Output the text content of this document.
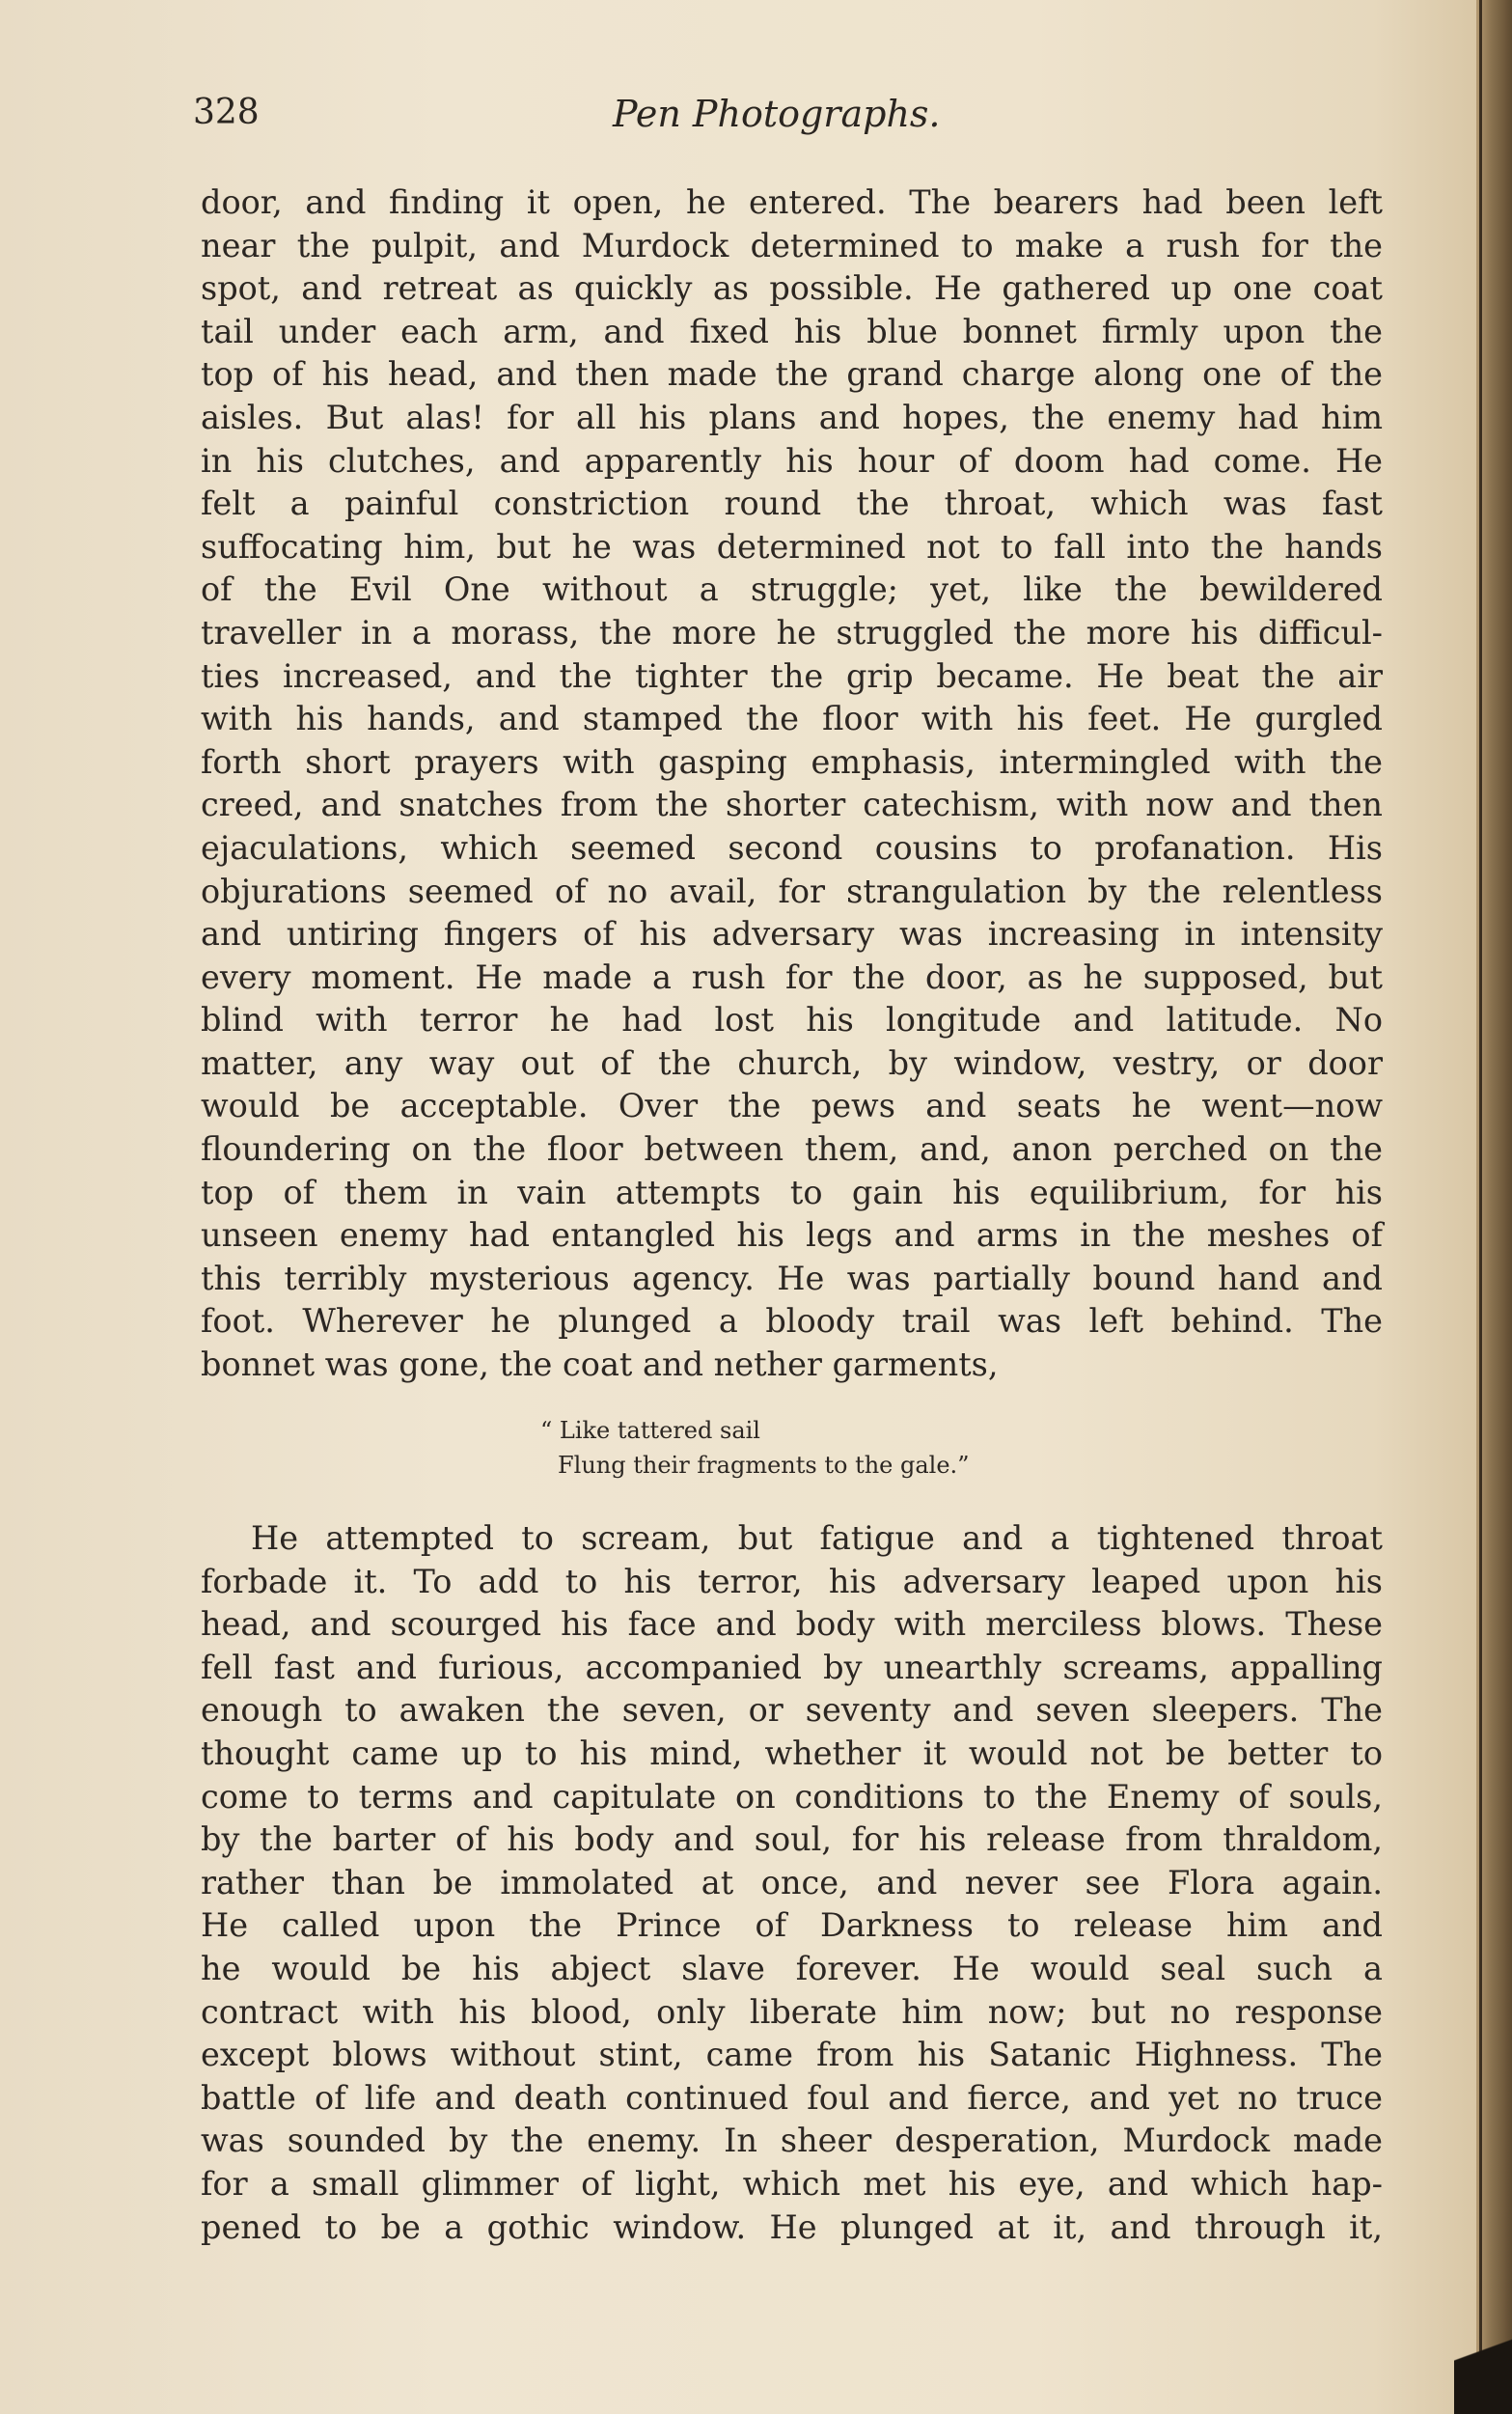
328	Pen Photographs.
door, and finding it open, he entered. The bearers had been left
near the pulpit, and Murdock determined to make a rush for the
spot, and retreat as quickly as possible. He gathered up one coat
tail under each arm, and fixed his blue bonnet firmly upon the
top of his head, and then made the grand charge along one of the
aisles. But alas! for all his plans and hopes, the enemy had him
in his clutches, and apparently his hour of doom had come. He
felt a painful constriction round the throat, which was fast
suffocating him, but he was determined not to fall into the hands
of the Evil One without a struggle; yet, like the bewildered
traveller in a morass, the more he struggled the more his difficul-
ties increased, and the tighter the grip became. He beat the air
with his hands, and stamped the floor with his feet. He gurgled
forth short prayers with gasping emphasis, intermingled with the
creed, and snatches from the shorter catechism, with now and then
ejaculations, which seemed second cousins to profanation. His
objurations seemed of no avail, for strangulation by the relentless
and untiring fingers of his adversary was increasing in intensity
every moment. He made a rush for the door, as he supposed, but
blind with terror he had lost his longitude and latitude. No
matter, any way out of the church, by window, vestry, or door
would be acceptable. Over the pews and seats he went—now
floundering on the floor between them, and, anon perched on the
top of them in vain attempts to gain his equilibrium, for his
unseen enemy had entangled his legs and arms in the meshes of
this terribly mysterious agency. He was partially bound hand and
foot. Wherever he plunged a bloody trail was left behind. The
bonnet was gone, the coat and nether garments,
“ Like tattered sail
Flung their fragments to the gale.”
He attempted to scream, but fatigue and a tightened throat
forbade it. To add to his terror, his adversary leaped upon his
head, and scourged his face and body with merciless blows. These
fell fast and furious, accompanied by unearthly screams, appalling
enough to awaken the seven, or seventy and seven sleepers. The
thought came up to his mind, whether it would not be better to
come to terms and capitulate on conditions to the Enemy of souls,
by the barter of his body and soul, for his release from thraldom,
rather than be immolated at once, and never see Flora again.
He called upon the Prince of Darkness to release him and
he would be his abject slave forever. He would seal such a
contract with his blood, only liberate him now; but no response
except blows without stint, came from his Satanic Highness. The
battle of life and death continued foul and fierce, and yet no truce
was sounded by the enemy. In sheer desperation, Murdock made
for a small glimmer of light, which met his eye, and which hap-
pened to be a gothic window. He plunged at it, and through it,
